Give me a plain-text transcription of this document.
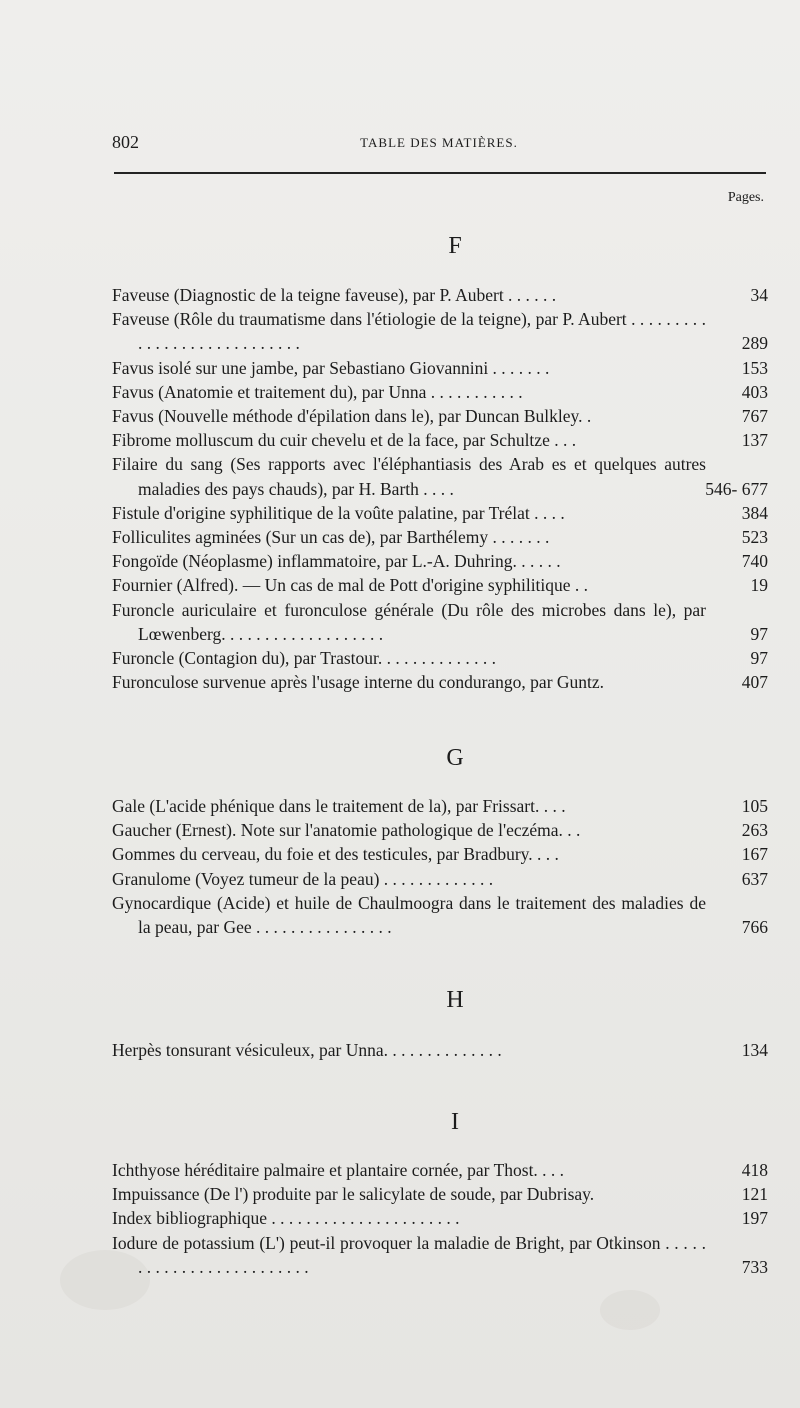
802	TABLE DES MATIÈRES.
Pages.
F
Faveuse (Diagnostic de la teigne faveuse), par P. Aubert . . . . . .	34
Faveuse (Rôle du traumatisme dans l'étiologie de la teigne), par P. Aubert . . . . . . . . . . . . . . . . . . . . . . . . . . . .	289
Favus isolé sur une jambe, par Sebastiano Giovannini . . . . . . .	153
Favus (Anatomie et traitement du), par Unna . . . . . . . . . . .	403
Favus (Nouvelle méthode d'épilation dans le), par Duncan Bulkley. .	767
Fibrome molluscum du cuir chevelu et de la face, par Schultze . . .	137
Filaire du sang (Ses rapports avec l'éléphantiasis des Arab es et quelques autres maladies des pays chauds), par H. Barth . . . .	546- 677
Fistule d'origine syphilitique de la voûte palatine, par Trélat . . . .	384
Folliculites agminées (Sur un cas de), par Barthélemy . . . . . . .	523
Fongoïde (Néoplasme) inflammatoire, par L.-A. Duhring. . . . . .	740
Fournier (Alfred). — Un cas de mal de Pott d'origine syphilitique . .	19
Furoncle auriculaire et furonculose générale (Du rôle des microbes dans le), par Lœwenberg. . . . . . . . . . . . . . . . . . .	97
Furoncle (Contagion du), par Trastour. . . . . . . . . . . . . .	97
Furonculose survenue après l'usage interne du condurango, par Guntz.	407
G
Gale (L'acide phénique dans le traitement de la), par Frissart. . . .	105
Gaucher (Ernest). Note sur l'anatomie pathologique de l'eczéma. . .	263
Gommes du cerveau, du foie et des testicules, par Bradbury. . . .	167
Granulome (Voyez tumeur de la peau) . . . . . . . . . . . . .	637
Gynocardique (Acide) et huile de Chaulmoogra dans le traitement des maladies de la peau, par Gee . . . . . . . . . . . . . . . .	766
H
Herpès tonsurant vésiculeux, par Unna. . . . . . . . . . . . . .	134
I
Ichthyose héréditaire palmaire et plantaire cornée, par Thost. . . .	418
Impuissance (De l') produite par le salicylate de soude, par Dubrisay.	121
Index bibliographique . . . . . . . . . . . . . . . . . . . . . .	197
Iodure de potassium (L') peut-il provoquer la maladie de Bright, par Otkinson . . . . . . . . . . . . . . . . . . . . . . . . .	733
